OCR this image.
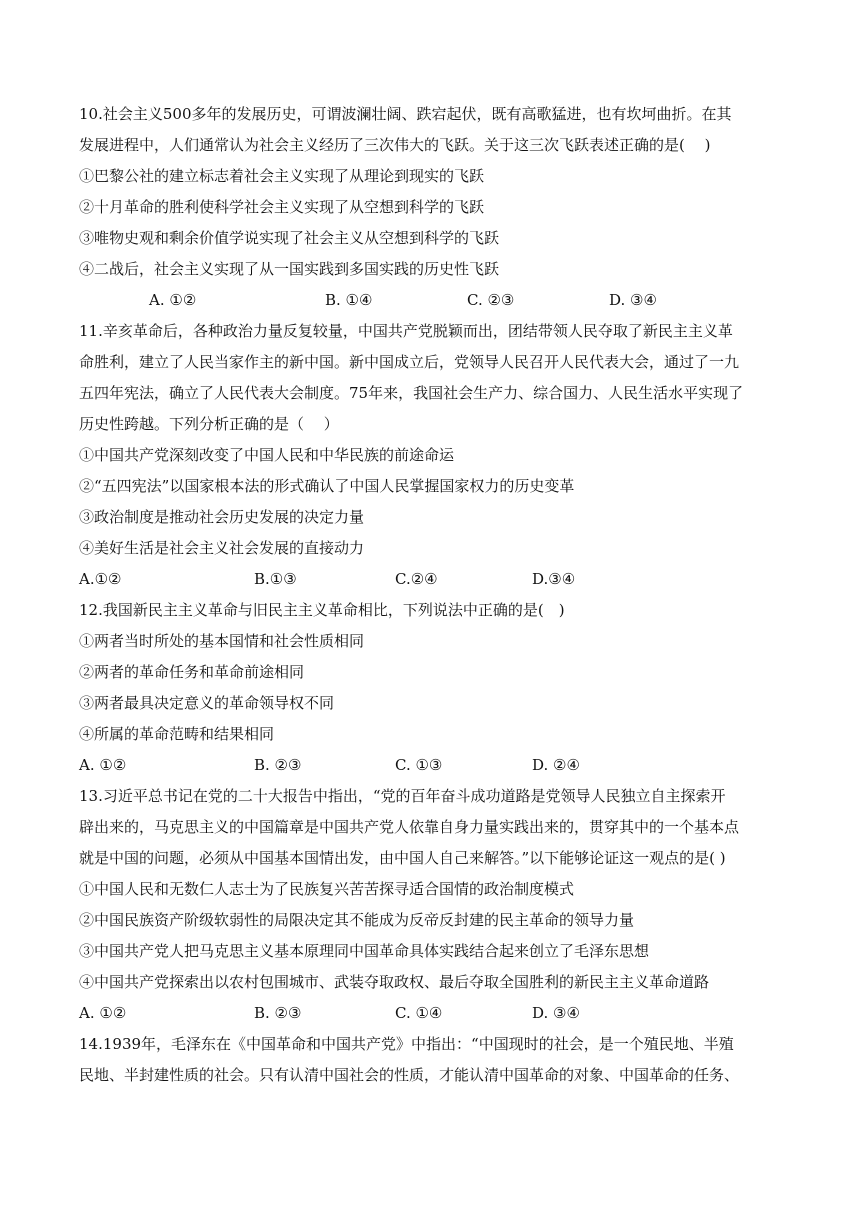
10.社会主义500多年的发展历史，可谓波澜壮阔、跌宕起伏，既有高歌猛进，也有坎坷曲折。在其
发展进程中，人们通常认为社会主义经历了三次伟大的飞跃。关于这三次飞跃表述正确的是(　 )
①巴黎公社的建立标志着社会主义实现了从理论到现实的飞跃
②十月革命的胜利使科学社会主义实现了从空想到科学的飞跃
③唯物史观和剩余价值学说实现了社会主义从空想到科学的飞跃
④二战后，社会主义实现了从一国实践到多国实践的历史性飞跃
A. ①②	B. ①④	C. ②③	D. ③④
11.辛亥革命后，各种政治力量反复较量，中国共产党脱颖而出，团结带领人民夺取了新民主主义革
命胜利，建立了人民当家作主的新中国。新中国成立后，党领导人民召开人民代表大会，通过了一九
五四年宪法，确立了人民代表大会制度。75年来，我国社会生产力、综合国力、人民生活水平实现了
历史性跨越。下列分析正确的是（　 ）
①中国共产党深刻改变了中国人民和中华民族的前途命运
②“五四宪法”以国家根本法的形式确认了中国人民掌握国家权力的历史变革
③政治制度是推动社会历史发展的决定力量
④美好生活是社会主义社会发展的直接动力
A.①②	B.①③	C.②④	D.③④
12.我国新民主主义革命与旧民主主义革命相比，下列说法中正确的是(　)
①两者当时所处的基本国情和社会性质相同
②两者的革命任务和革命前途相同
③两者最具决定意义的革命领导权不同
④所属的革命范畴和结果相同
A. ①②	B. ②③	C. ①③	D. ②④
13.习近平总书记在党的二十大报告中指出，“党的百年奋斗成功道路是党领导人民独立自主探索开
辟出来的，马克思主义的中国篇章是中国共产党人依靠自身力量实践出来的，贯穿其中的一个基本点
就是中国的问题，必须从中国基本国情出发，由中国人自己来解答。”以下能够论证这一观点的是( )
①中国人民和无数仁人志士为了民族复兴苦苦探寻适合国情的政治制度模式
②中国民族资产阶级软弱性的局限决定其不能成为反帝反封建的民主革命的领导力量
③中国共产党人把马克思主义基本原理同中国革命具体实践结合起来创立了毛泽东思想
④中国共产党探索出以农村包围城市、武装夺取政权、最后夺取全国胜利的新民主主义革命道路
A. ①②	B. ②③	C. ①④	D. ③④
14.1939年，毛泽东在《中国革命和中国共产党》中指出：“中国现时的社会，是一个殖民地、半殖
民地、半封建性质的社会。只有认清中国社会的性质，才能认清中国革命的对象、中国革命的任务、
